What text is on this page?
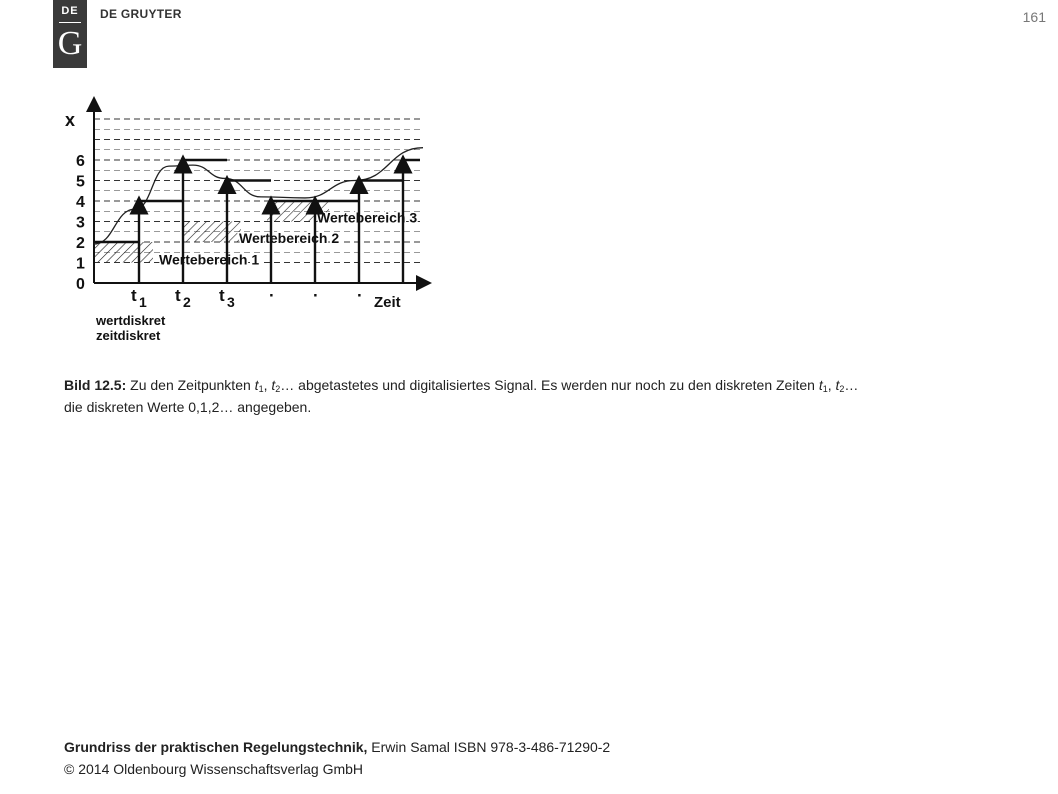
DE
G
DE GRUYTER	161
Wertebereich 1
Wertebereich 2
Wertebereich 3
x
0
1
2
3
4
5
6
t 1 t 2 t 3 · · · Zeit
wertdiskret
zeitdiskret
Bild 12.5: Zu den Zeitpunkten $t_1$, $t_2\dots$ abgetastetes und digitalisiertes Signal. Es werden nur noch zu den diskreten Zeiten $t_1$, $t_2\dots$
die diskreten Werte 0,1,2… angegeben.
Grundriss der praktischen Regelungstechnik, Erwin Samal ISBN 978-3-486-71290-2
© 2014 Oldenbourg Wissenschaftsverlag GmbH
